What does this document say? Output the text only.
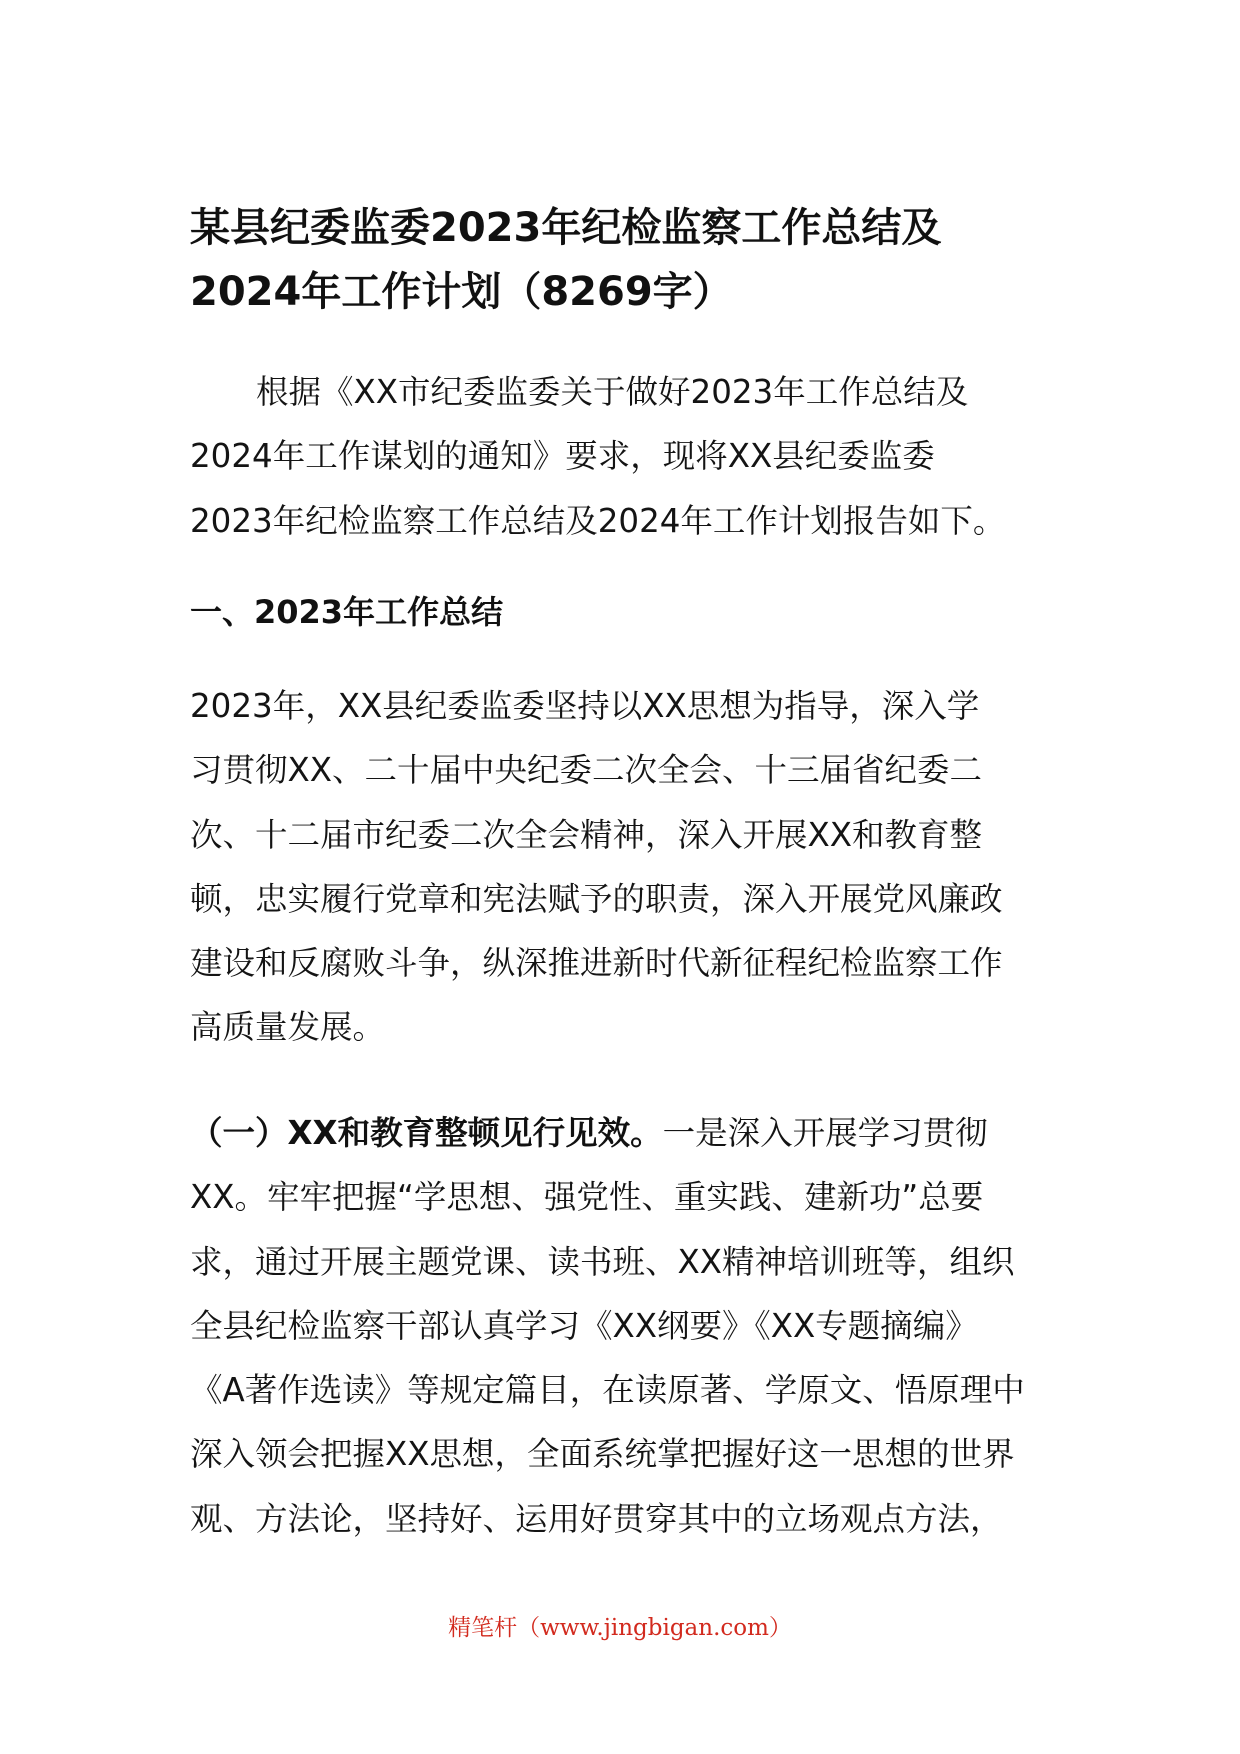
某县纪委监委2023年纪检监察工作总结及
2024年工作计划（8269字）

根据《XX市纪委监委关于做好2023年工作总结及
2024年工作谋划的通知》要求，现将XX县纪委监委
2023年纪检监察工作总结及2024年工作计划报告如下。

一、2023年工作总结

2023年，XX县纪委监委坚持以XX思想为指导，深入学
习贯彻XX、二十届中央纪委二次全会、十三届省纪委二
次、十二届市纪委二次全会精神，深入开展XX和教育整
顿，忠实履行党章和宪法赋予的职责，深入开展党风廉政
建设和反腐败斗争，纵深推进新时代新征程纪检监察工作
高质量发展。

（一）XX和教育整顿见行见效。一是深入开展学习贯彻
XX。牢牢把握“学思想、强党性、重实践、建新功”总要
求，通过开展主题党课、读书班、XX精神培训班等，组织
全县纪检监察干部认真学习《XX纲要》《XX专题摘编》
《A著作选读》等规定篇目，在读原著、学原文、悟原理中
深入领会把握XX思想，全面系统掌把握好这一思想的世界
观、方法论，坚持好、运用好贯穿其中的立场观点方法，

精笔杆（www.jingbigan.com）
